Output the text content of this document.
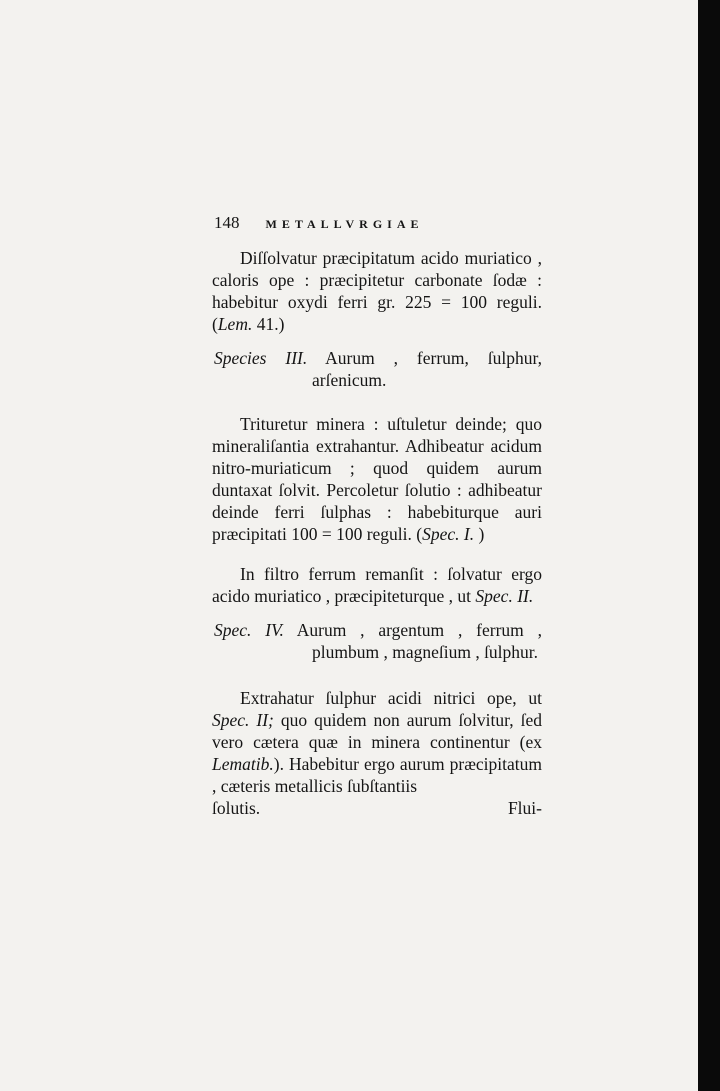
148 METALLVRGIAE

Diſſolvatur præcipitatum acido muriatico , caloris ope : præcipitetur carbonate ſodæ : habebitur oxydi ferri gr. 225 = 100 reguli. (Lem. 41.)

Species III. Aurum , ferrum, ſulphur, arſenicum.

Trituretur minera : uſtuletur deinde; quo mineraliſantia extrahantur. Adhibeatur acidum nitro-muriaticum ; quod quidem aurum duntaxat ſolvit. Percoletur ſolutio : adhibeatur deinde ferri ſulphas : habebiturque auri præcipitati 100 = 100 reguli. (Spec. I. )

In filtro ferrum remanſit : ſolvatur ergo acido muriatico , præcipiteturque , ut Spec. II.

Spec. IV. Aurum , argentum , ferrum , plumbum , magneſium , ſulphur.

Extrahatur ſulphur acidi nitrici ope, ut Spec. II; quo quidem non aurum ſolvitur, ſed vero cætera quæ in minera continentur (ex Lematib.). Habebitur ergo aurum præcipitatum , cæteris metallicis ſubſtantiis

ſolutis.	Flui-
